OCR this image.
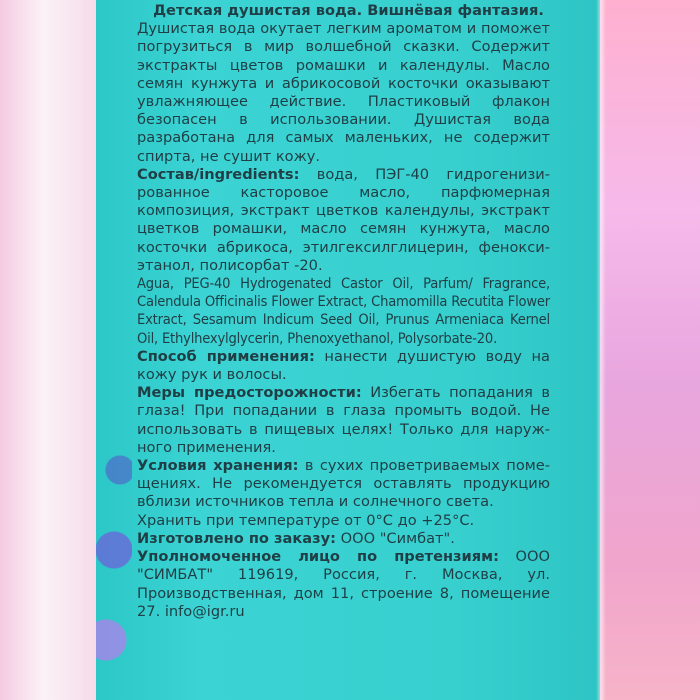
Детская душистая вода. Вишнёвая фантазия.

Душистая вода окутает легким ароматом и поможет погрузиться в мир волшебной сказки. Содержит экстракты цветов ромашки и календулы. Масло семян кунжута и абрикосовой косточки оказывают увлажняющее действие. Пластиковый флакон безопасен в использовании. Душистая вода разработана для самых маленьких, не содержит спирта, не сушит кожу.

Состав/ingredients: вода, ПЭГ-40 гидрогенизированное касторовое масло, парфюмерная композиция, экстракт цветков календулы, экстракт цветков ромашки, масло семян кунжута, масло косточки абрикоса, этилгексилглицерин, феноксиэтанол, полисорбат -20.

Agua, PEG-40 Hydrogenated Castor Oil, Parfum/ Fragrance, Calendula Officinalis Flower Extract, Chamomilla Recutita Flower Extract, Sesamum Indicum Seed Oil, Prunus Armeniaca Kernel Oil, Ethylhexylglycerin, Phenoxyethanol, Polysorbate-20.

Способ применения: нанести душистую воду на кожу рук и волосы.

Меры предосторожности: Избегать попадания в глаза! При попадании в глаза промыть водой. Не использовать в пищевых целях! Только для наружного применения.

Условия хранения: в сухих проветриваемых помещениях. Не рекомендуется оставлять продукцию вблизи источников тепла и солнечного света.

Хранить при температуре от 0°С до +25°С.

Изготовлено по заказу: ООО "Симбат".

Уполномоченное лицо по претензиям: ООО "СИМБАТ" 119619, Россия, г. Москва, ул. Производственная, дом 11, строение 8, помещение 27. info@igr.ru
